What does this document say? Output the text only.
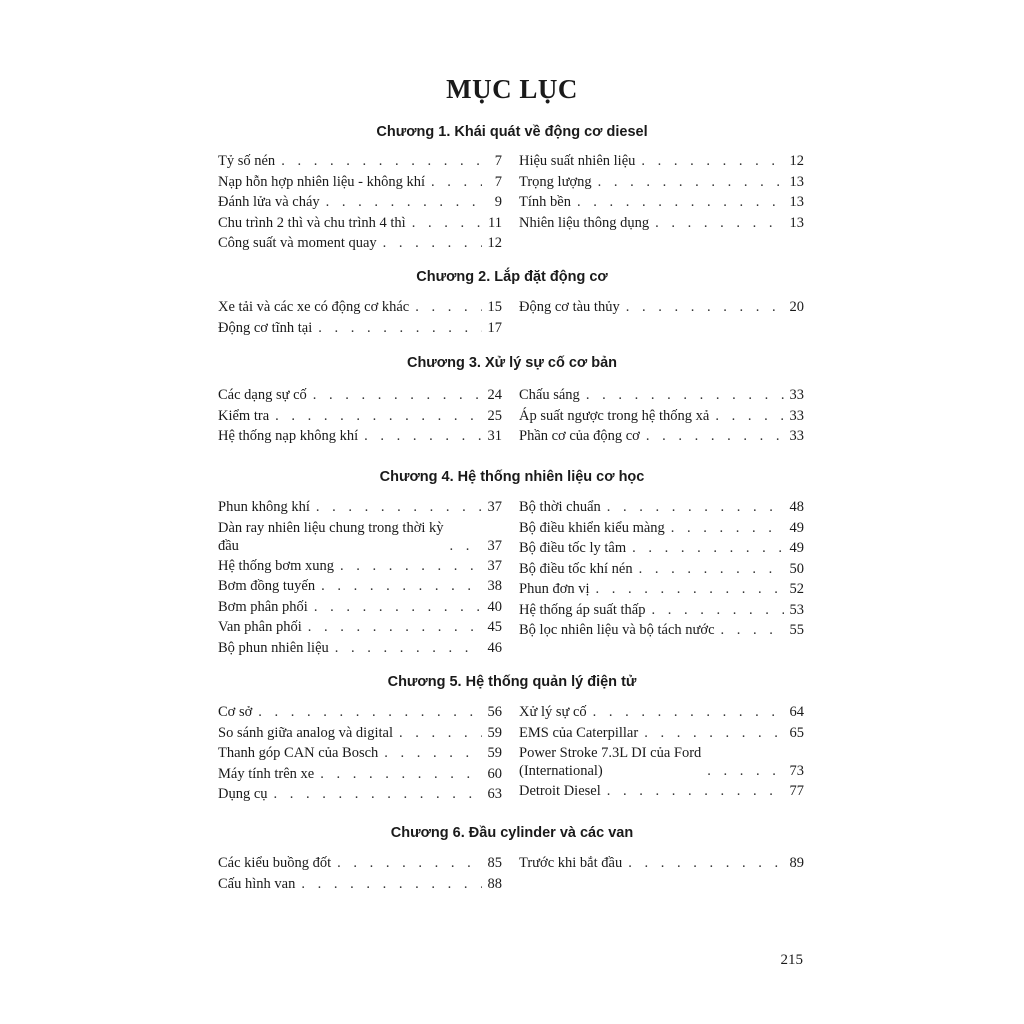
MỤC LỤC
Chương 1. Khái quát về động cơ diesel
Tỷ số nén . . .	7
Nạp hỗn hợp nhiên liệu - không khí . . .	7
Đánh lửa và cháy . . .	9
Chu trình 2 thì và chu trình 4 thì . . .	11
Công suất và moment quay . . .	12
Hiệu suất nhiên liệu . . .	12
Trọng lượng . . .	13
Tính bền . . .	13
Nhiên liệu thông dụng . . .	13
Chương 2. Lắp đặt động cơ
Xe tải và các xe có động cơ khác . . .	15
Động cơ tĩnh tại . . .	17
Động cơ tàu thủy . . .	20
Chương 3. Xử lý sự cố cơ bản
Các dạng sự cố . . .	24
Kiểm tra . . .	25
Hệ thống nạp không khí . . .	31
Chấu sáng . . .	33
Áp suất ngược trong hệ thống xả . . .	33
Phần cơ của động cơ . . .	33
Chương 4. Hệ thống nhiên liệu cơ học
Phun không khí . . .	37
Dàn ray nhiên liệu chung trong thời kỳ
đầu . . .	37
Hệ thống bơm xung . . .	37
Bơm đồng tuyến . . .	38
Bơm phân phối . . .	40
Van phân phối . . .	45
Bộ phun nhiên liệu . . .	46
Bộ thời chuẩn . . .	48
Bộ điều khiển kiểu màng . . .	49
Bộ điều tốc ly tâm . . .	49
Bộ điều tốc khí nén . . .	50
Phun đơn vị . . .	52
Hệ thống áp suất thấp . . .	53
Bộ lọc nhiên liệu và bộ tách nước . . .	55
Chương 5. Hệ thống quản lý điện tử
Cơ sở . . .	56
So sánh giữa analog và digital . . .	59
Thanh góp CAN của Bosch . . .	59
Máy tính trên xe . . .	60
Dụng cụ . . .	63
Xử lý sự cố . . .	64
EMS của Caterpillar . . .	65
Power Stroke 7.3L DI của Ford
(International) . . .	73
Detroit Diesel . . .	77
Chương 6. Đầu cylinder và các van
Các kiểu buồng đốt . . .	85
Cấu hình van . . .	88
Trước khi bắt đầu . . .	89
215
